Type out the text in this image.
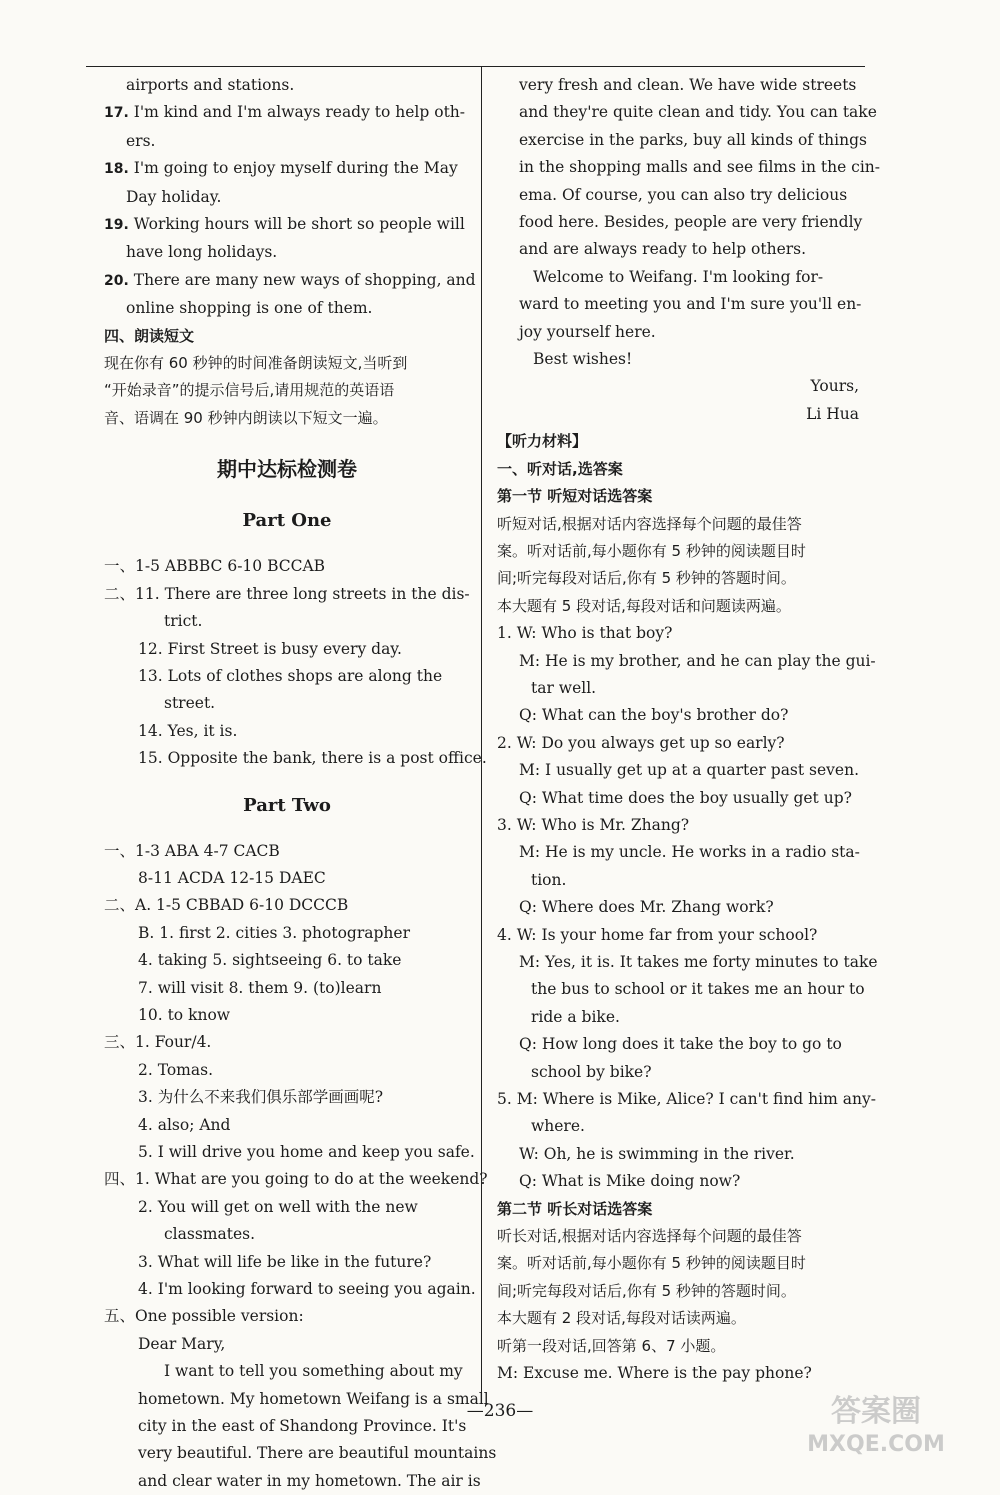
airports and stations.

17. I'm kind and I'm always ready to help oth-

ers.

18. I'm going to enjoy myself during the May

Day holiday.

19. Working hours will be short so people will

have long holidays.

20. There are many new ways of shopping, and

online shopping is one of them.

四、朗读短文

现在你有 60 秒钟的时间准备朗读短文,当听到

“开始录音”的提示信号后,请用规范的英语语

音、语调在 90 秒钟内朗读以下短文一遍。

期中达标检测卷

Part One

一、1-5 ABBBC 6-10 BCCAB

二、11. There are three long streets in the dis-

trict.

12. First Street is busy every day.

13. Lots of clothes shops are along the

street.

14. Yes, it is.

15. Opposite the bank, there is a post office.

Part Two

一、1-3 ABA 4-7 CACB

8-11 ACDA 12-15 DAEC

二、A. 1-5 CBBAD 6-10 DCCCB

B. 1. first 2. cities 3. photographer

4. taking 5. sightseeing 6. to take

7. will visit 8. them 9. (to)learn

10. to know

三、1. Four/4.

2. Tomas.

3. 为什么不来我们俱乐部学画画呢?

4. also; And

5. I will drive you home and keep you safe.

四、1. What are you going to do at the weekend?

2. You will get on well with the new

classmates.

3. What will life be like in the future?

4. I'm looking forward to seeing you again.

五、One possible version:

Dear Mary,

I want to tell you something about my

hometown. My hometown Weifang is a small

city in the east of Shandong Province. It's

very beautiful. There are beautiful mountains

and clear water in my hometown. The air is

very fresh and clean. We have wide streets

and they're quite clean and tidy. You can take

exercise in the parks, buy all kinds of things

in the shopping malls and see films in the cin-

ema. Of course, you can also try delicious

food here. Besides, people are very friendly

and are always ready to help others.

Welcome to Weifang. I'm looking for-

ward to meeting you and I'm sure you'll en-

joy yourself here.

Best wishes!

Yours,

Li Hua

【听力材料】

一、听对话,选答案

第一节 听短对话选答案

听短对话,根据对话内容选择每个问题的最佳答

案。听对话前,每小题你有 5 秒钟的阅读题目时

间;听完每段对话后,你有 5 秒钟的答题时间。

本大题有 5 段对话,每段对话和问题读两遍。

1. W: Who is that boy?

M: He is my brother, and he can play the gui-

tar well.

Q: What can the boy's brother do?

2. W: Do you always get up so early?

M: I usually get up at a quarter past seven.

Q: What time does the boy usually get up?

3. W: Who is Mr. Zhang?

M: He is my uncle. He works in a radio sta-

tion.

Q: Where does Mr. Zhang work?

4. W: Is your home far from your school?

M: Yes, it is. It takes me forty minutes to take

the bus to school or it takes me an hour to

ride a bike.

Q: How long does it take the boy to go to

school by bike?

5. M: Where is Mike, Alice? I can't find him any-

where.

W: Oh, he is swimming in the river.

Q: What is Mike doing now?

第二节 听长对话选答案

听长对话,根据对话内容选择每个问题的最佳答

案。听对话前,每小题你有 5 秒钟的阅读题目时

间;听完每段对话后,你有 5 秒钟的答题时间。

本大题有 2 段对话,每段对话读两遍。

听第一段对话,回答第 6、7 小题。

M: Excuse me. Where is the pay phone?

—236—	答案圈
MXQE.COM
